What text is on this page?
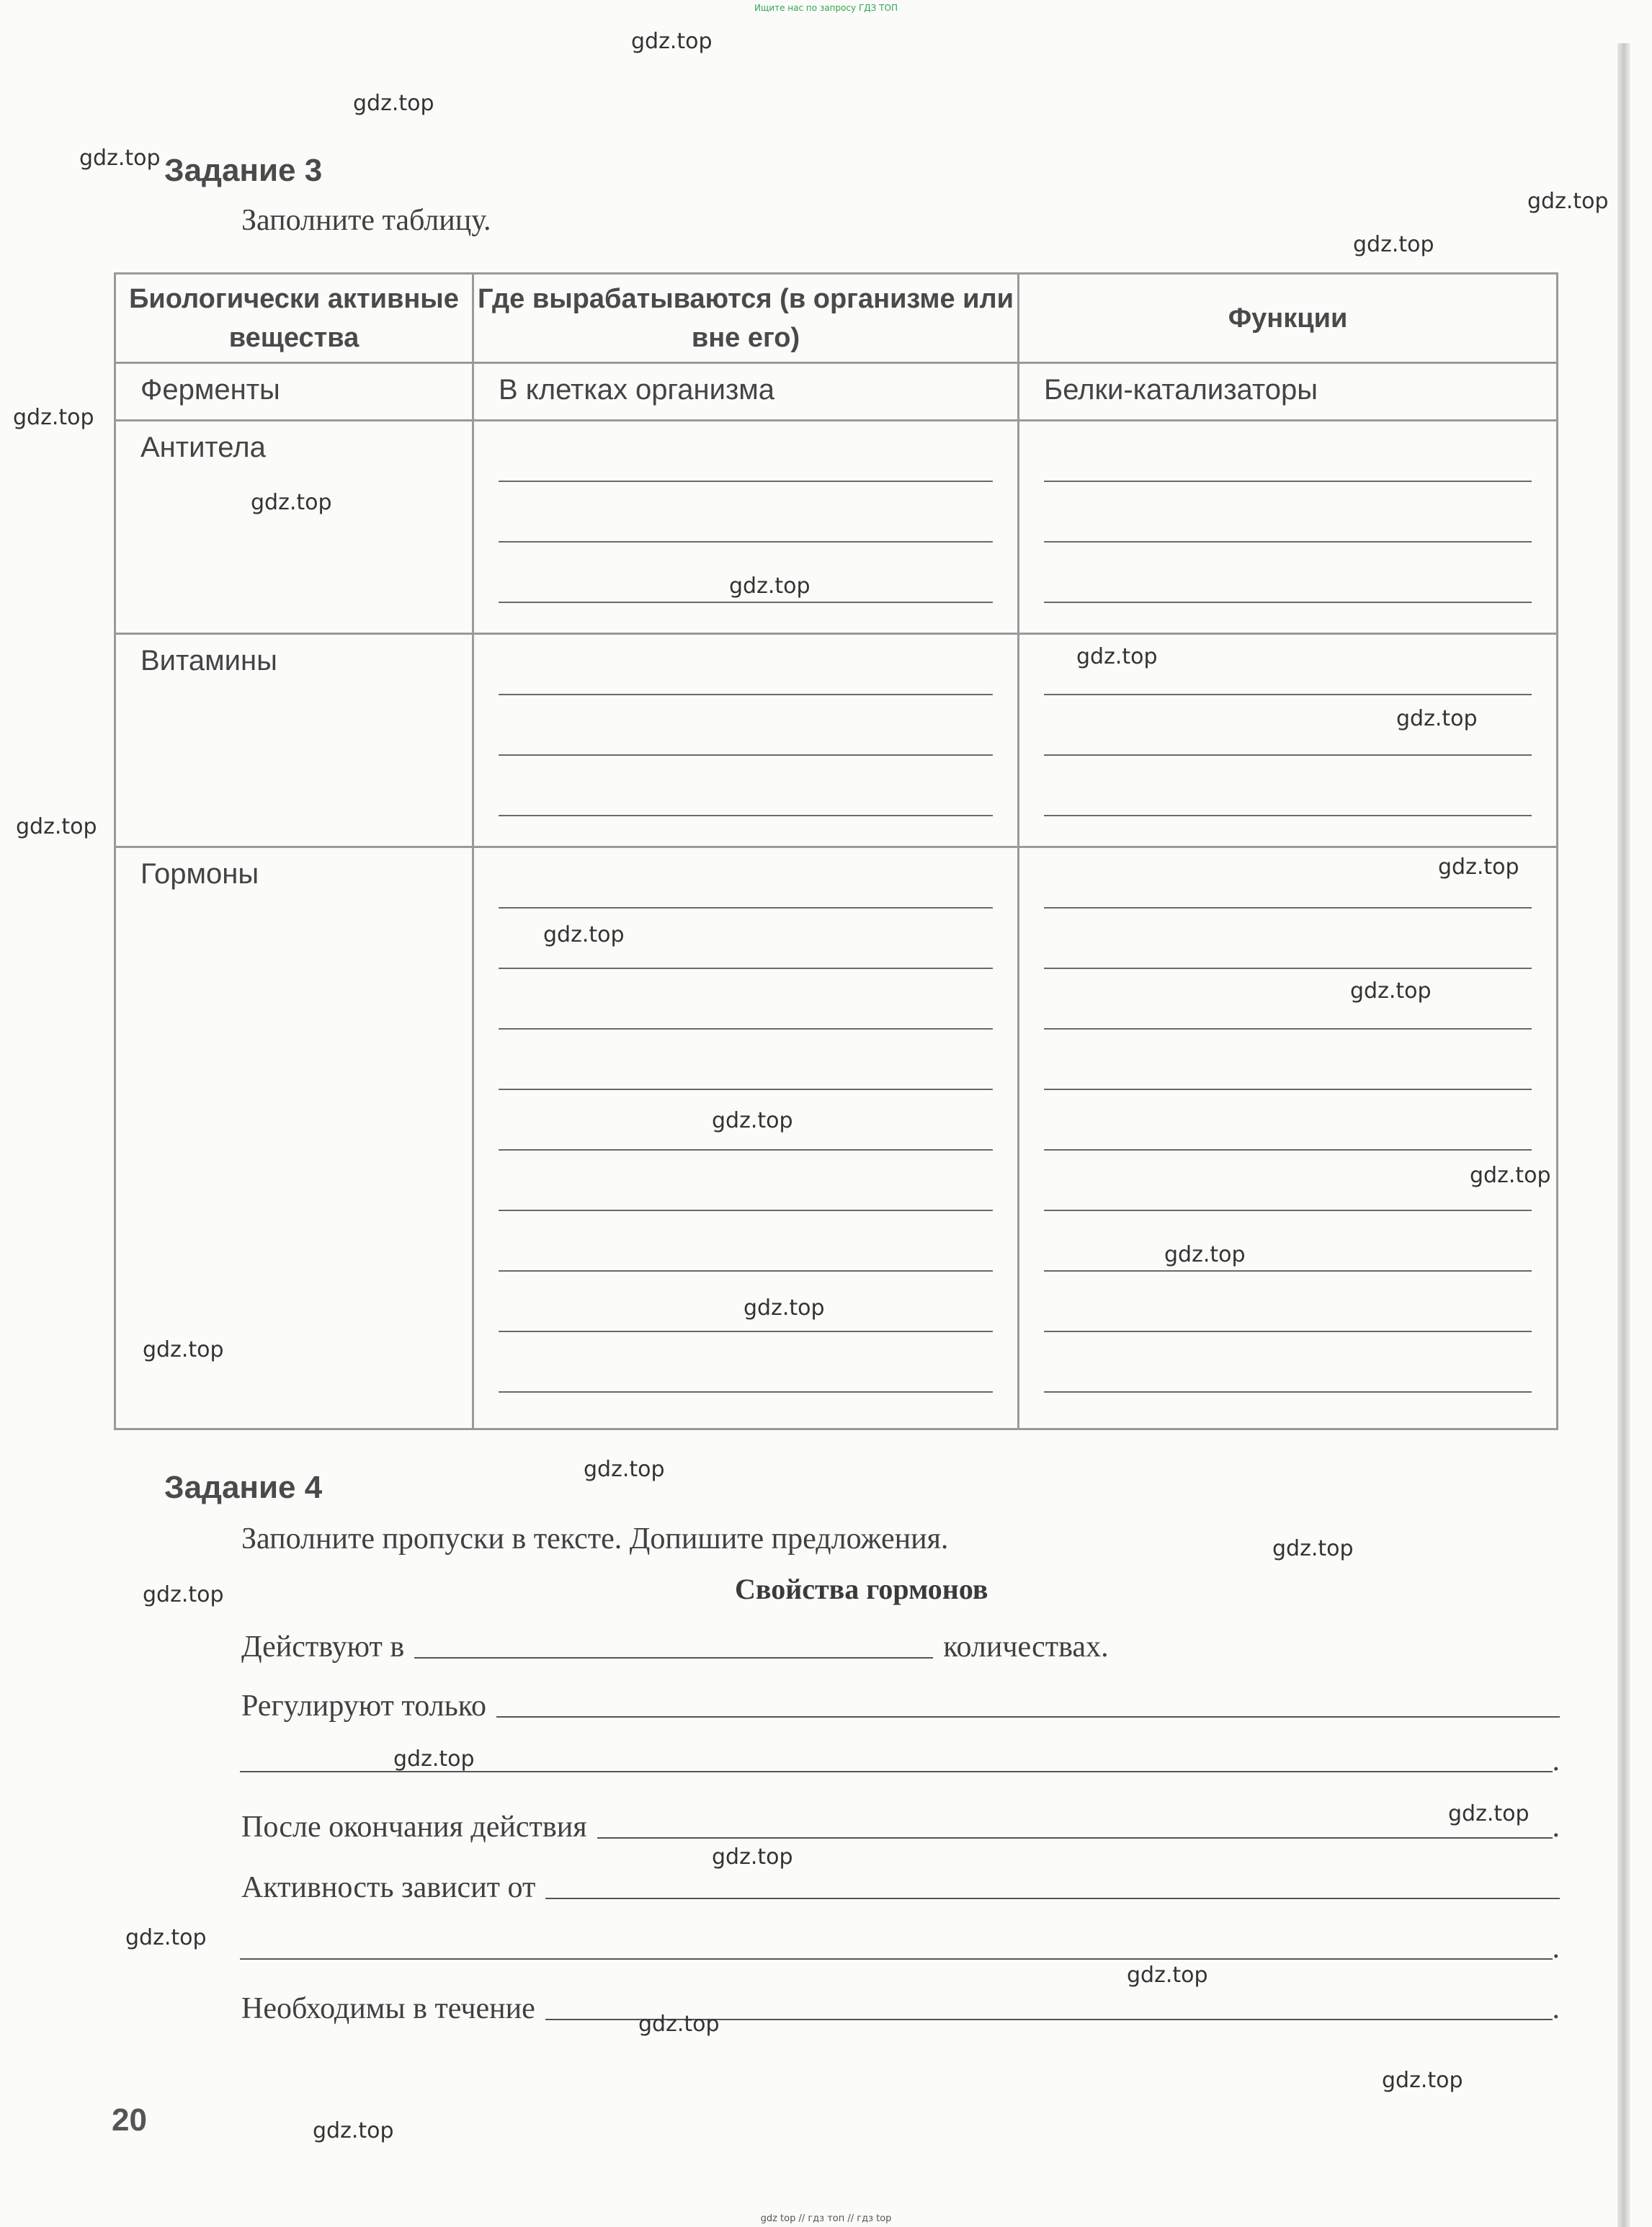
Ищите нас по запросу ГДЗ ТОП
Задание 3
Заполните таблицу.
Биологически активные вещества	Где вырабатываются (в организме или вне его)	Функции

Ферменты	В клетках организма	Белки-катализаторы

Антитела		

Витамины		

Гормоны		

Задание 4
Заполните пропуски в тексте. Допишите предложения.
Свойства гормонов
Действуют в	количествах.
Регулируют только
.
После окончания действия	.
Активность зависит от
.
Необходимы в течение	.
20
gdz.top
gdz.top
gdz.top
gdz.top
gdz.top
gdz.top
gdz.top
gdz.top
gdz.top
gdz.top
gdz.top
gdz.top
gdz.top
gdz.top
gdz.top
gdz.top
gdz.top
gdz.top
gdz.top
gdz.top
gdz.top
gdz.top
gdz.top
gdz.top
gdz.top
gdz.top
gdz.top
gdz.top
gdz.top
gdz.top
gdz top // гдз топ // гдз top
